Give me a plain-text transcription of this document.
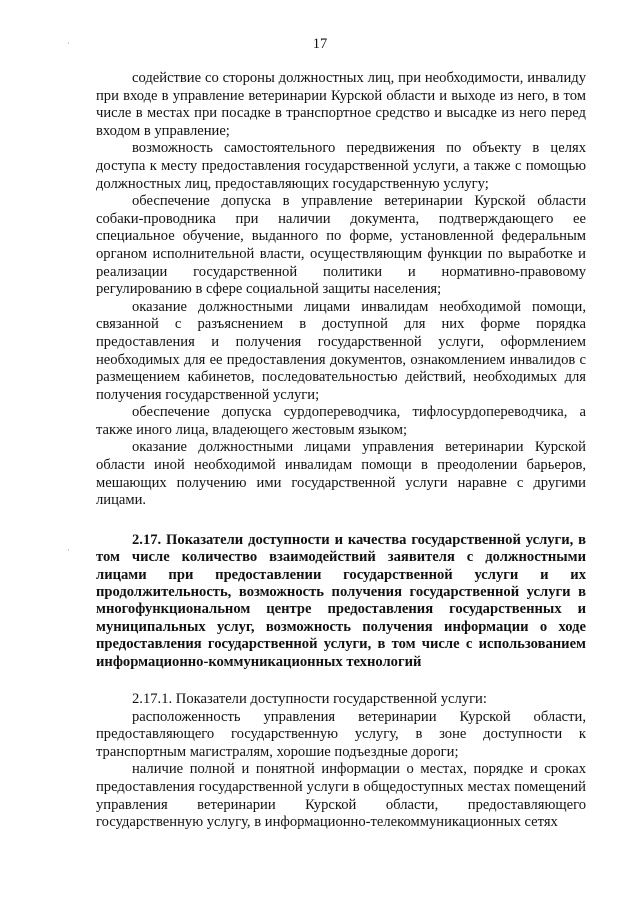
17
·
·

содействие со стороны должностных лиц, при необходимости, инвалиду при входе в управление ветеринарии Курской области и выходе из него, в том числе в местах при посадке в транспортное средство и высадке из него перед входом в управление;

возможность самостоятельного передвижения по объекту в целях доступа к месту предоставления государственной услуги, а также с помощью должностных лиц, предоставляющих государственную услугу;

обеспечение допуска в управление ветеринарии Курской области собаки-проводника при наличии документа, подтверждающего ее специальное обучение, выданного по форме, установленной федеральным органом исполнительной власти, осуществляющим функции по выработке и реализации государственной политики и нормативно-правовому регулированию в сфере социальной защиты населения;

оказание должностными лицами инвалидам необходимой помощи, связанной с разъяснением в доступной для них форме порядка предоставления и получения государственной услуги, оформлением необходимых для ее предоставления документов, ознакомлением инвалидов с размещением кабинетов, последовательностью действий, необходимых для получения государственной услуги;

обеспечение допуска сурдопереводчика, тифлосурдопереводчика, а также иного лица, владеющего жестовым языком;

оказание должностными лицами управления ветеринарии Курской области иной необходимой инвалидам помощи в преодолении барьеров, мешающих получению ими государственной услуги наравне с другими лицами.

2.17. Показатели доступности и качества государственной услуги, в том числе количество взаимодействий заявителя с должностными лицами при предоставлении государственной услуги и их продолжительность, возможность получения государственной услуги в многофункциональном центре предоставления государственных и муниципальных услуг, возможность получения информации о ходе предоставления государственной услуги, в том числе с использованием информационно-коммуникационных технологий

2.17.1. Показатели доступности государственной услуги:

расположенность управления ветеринарии Курской области, предоставляющего государственную услугу, в зоне доступности к транспортным магистралям, хорошие подъездные дороги;

наличие полной и понятной информации о местах, порядке и сроках предоставления государственной услуги в общедоступных местах помещений управления ветеринарии Курской области, предоставляющего государственную услугу, в информационно-телекоммуникационных сетях
